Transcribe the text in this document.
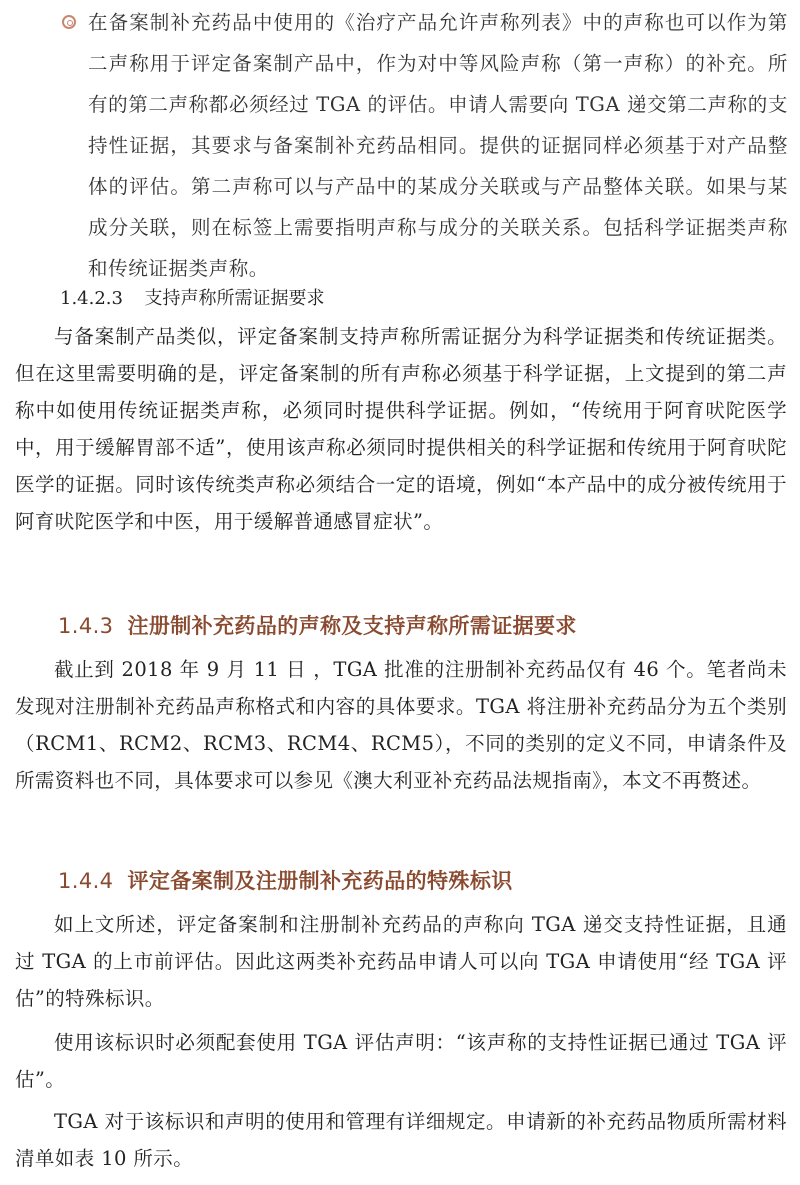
在备案制补充药品中使用的《治疗产品允许声称列表》中的声称也可以作为第二声称用于评定备案制产品中，作为对中等风险声称（第一声称）的补充。所有的第二声称都必须经过 TGA 的评估。申请人需要向 TGA 递交第二声称的支持性证据，其要求与备案制补充药品相同。提供的证据同样必须基于对产品整体的评估。第二声称可以与产品中的某成分关联或与产品整体关联。如果与某成分关联，则在标签上需要指明声称与成分的关联关系。包括科学证据类声称和传统证据类声称。
1.4.2.3 支持声称所需证据要求
与备案制产品类似，评定备案制支持声称所需证据分为科学证据类和传统证据类。 但在这里需要明确的是，评定备案制的所有声称必须基于科学证据，上文提到的第二声称中如使用传统证据类声称，必须同时提供科学证据。例如，“传统用于阿育吠陀医学中，用于缓解胃部不适”，使用该声称必须同时提供相关的科学证据和传统用于阿育吠陀医学的证据。同时该传统类声称必须结合一定的语境，例如“本产品中的成分被传统用于阿育吠陀医学和中医，用于缓解普通感冒症状”。
1.4.3 注册制补充药品的声称及支持声称所需证据要求
截止到 2018 年 9 月 11 日 ，TGA 批准的注册制补充药品仅有 46 个。笔者尚未发现对注册制补充药品声称格式和内容的具体要求。TGA 将注册补充药品分为五个类别（RCM1、RCM2、RCM3、RCM4、RCM5），不同的类别的定义不同，申请条件及所需资料也不同，具体要求可以参见《澳大利亚补充药品法规指南》，本文不再赘述。
1.4.4 评定备案制及注册制补充药品的特殊标识
如上文所述，评定备案制和注册制补充药品的声称向 TGA 递交支持性证据，且通过 TGA 的上市前评估。因此这两类补充药品申请人可以向 TGA 申请使用“经 TGA 评估”的特殊标识。
使用该标识时必须配套使用 TGA 评估声明：“该声称的支持性证据已通过 TGA 评估”。
TGA 对于该标识和声明的使用和管理有详细规定。申请新的补充药品物质所需材料清单如表 10 所示。
